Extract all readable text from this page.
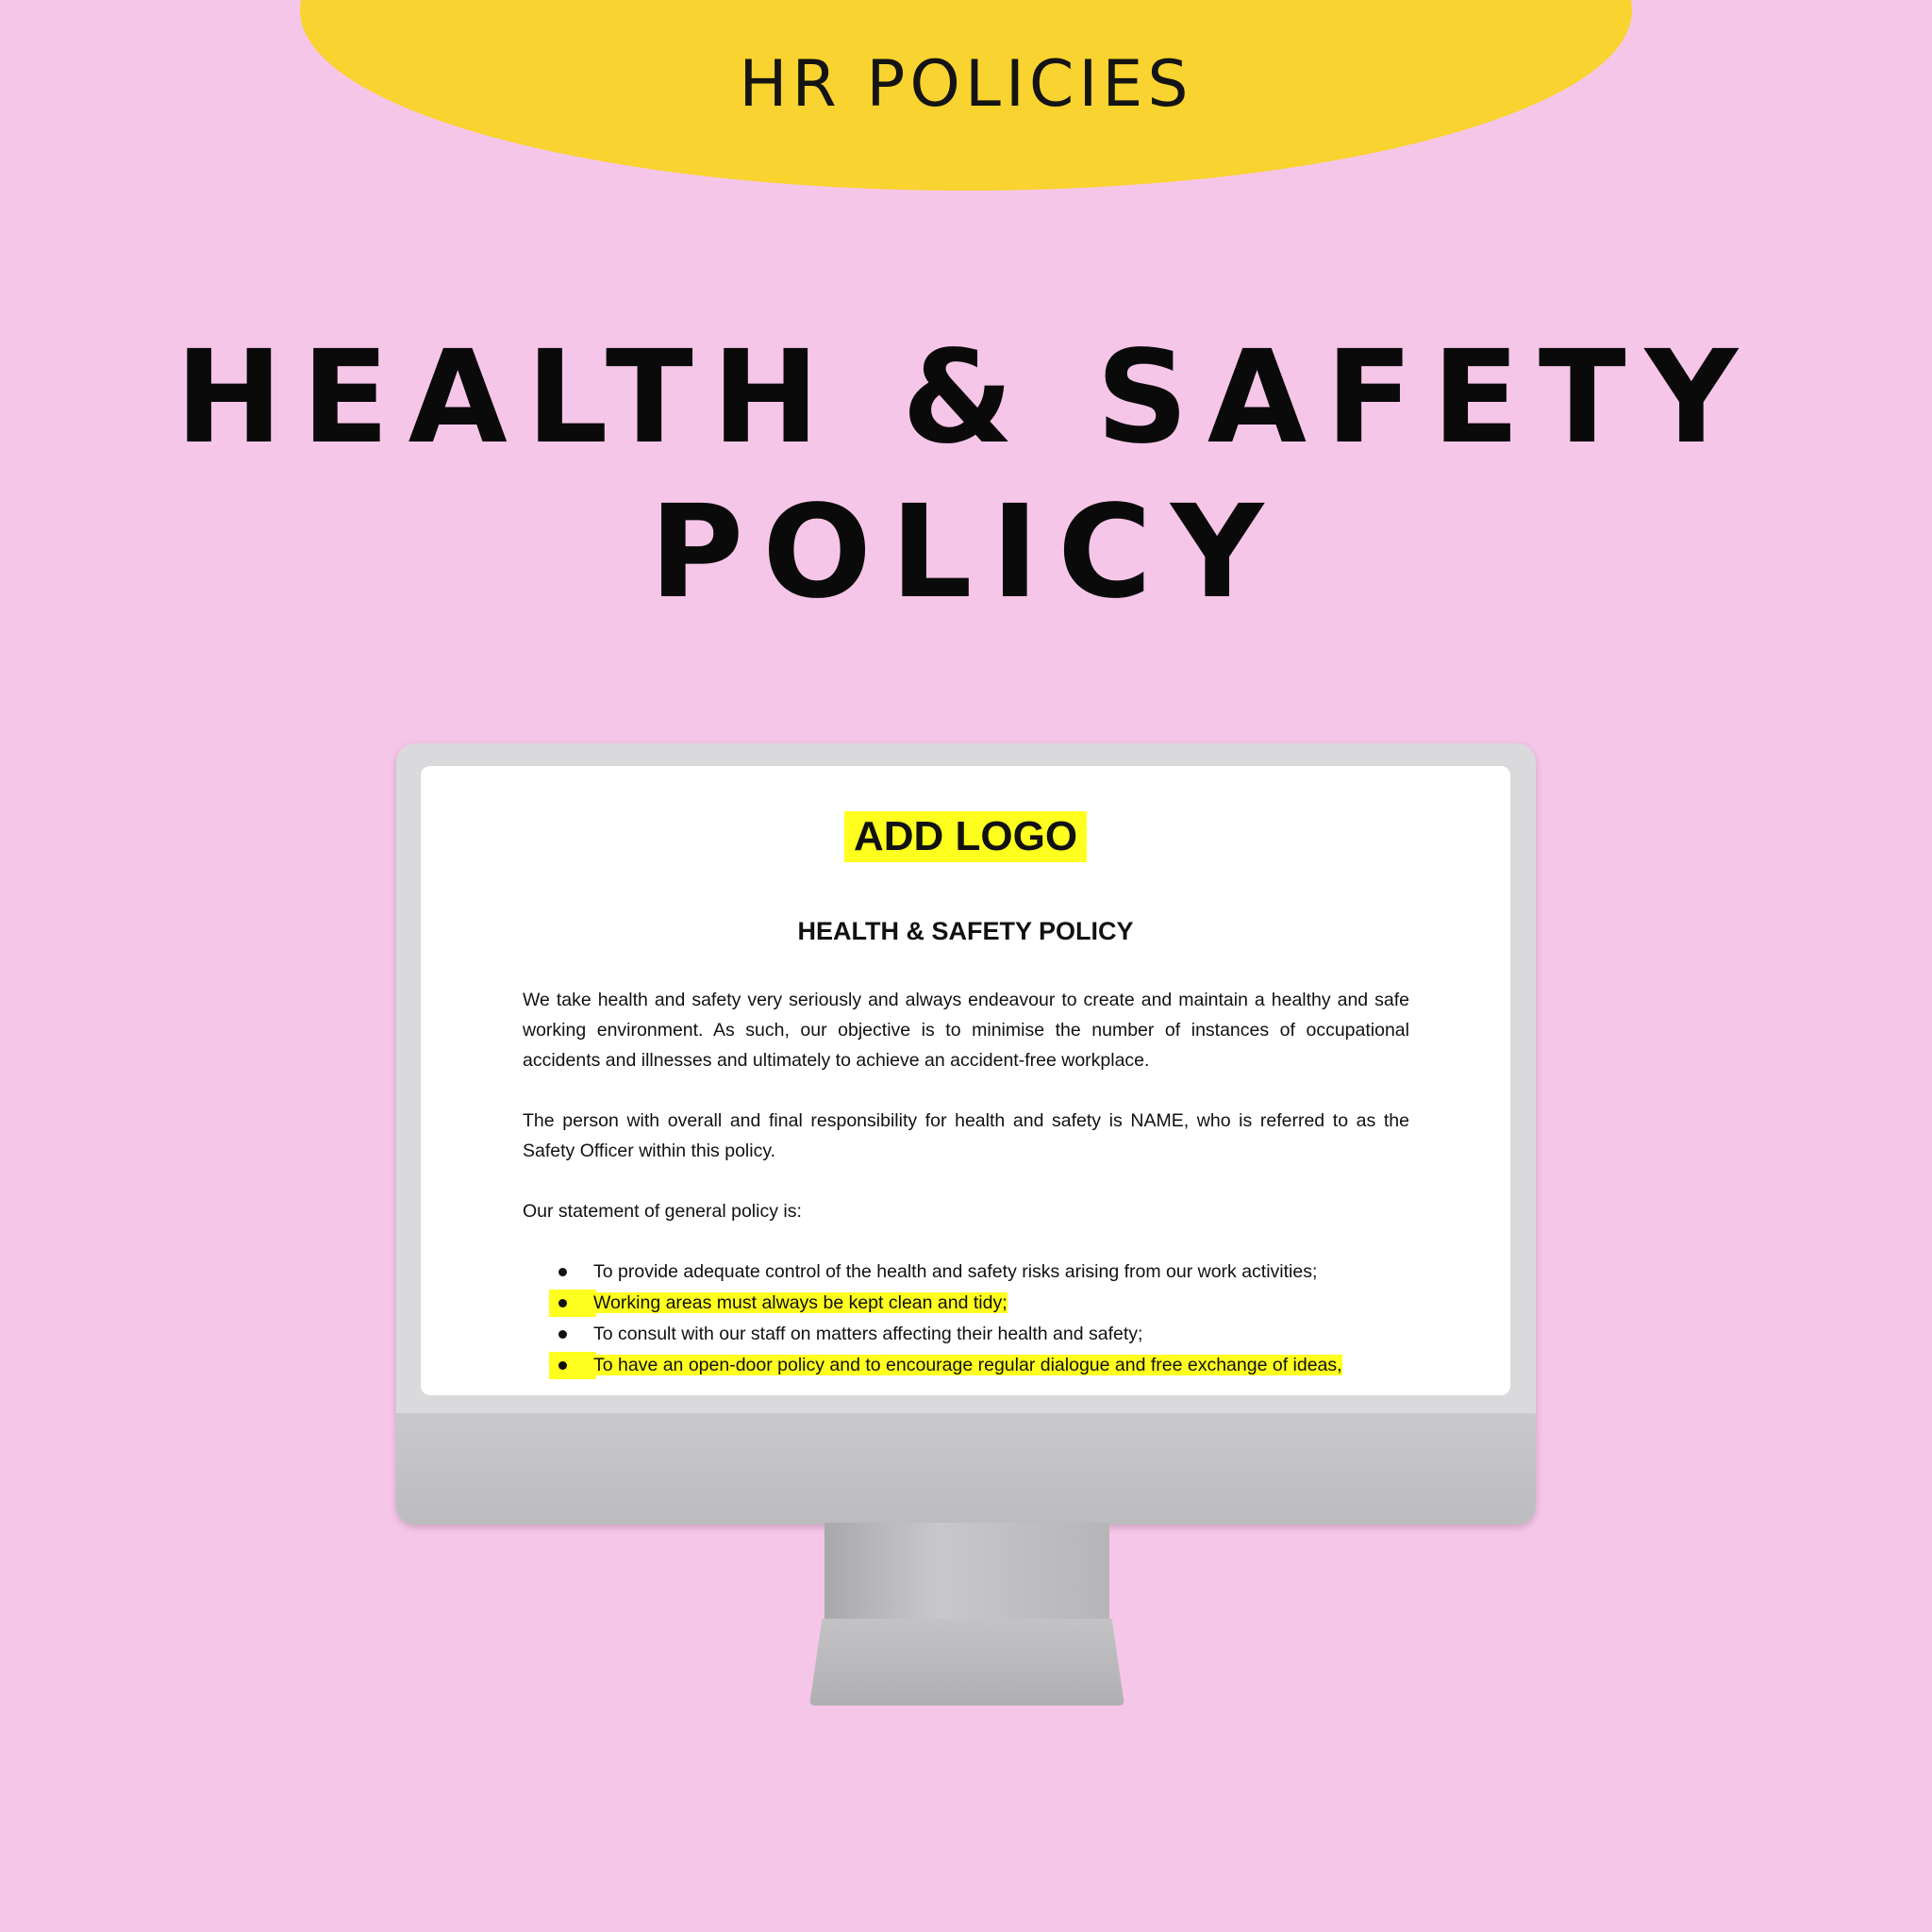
HR POLICIES
HEALTH & SAFETY
POLICY
ADD LOGO
HEALTH & SAFETY POLICY

We take health and safety very seriously and always endeavour to create and maintain a healthy and safe working environment. As such, our objective is to minimise the number of instances of occupational accidents and illnesses and ultimately to achieve an accident-free workplace.

The person with overall and final responsibility for health and safety is NAME, who is referred to as the Safety Officer within this policy.

Our statement of general policy is:

To provide adequate control of the health and safety risks arising from our work activities;
Working areas must always be kept clean and tidy;
To consult with our staff on matters affecting their health and safety;
To have an open-door policy and to encourage regular dialogue and free exchange of ideas,
